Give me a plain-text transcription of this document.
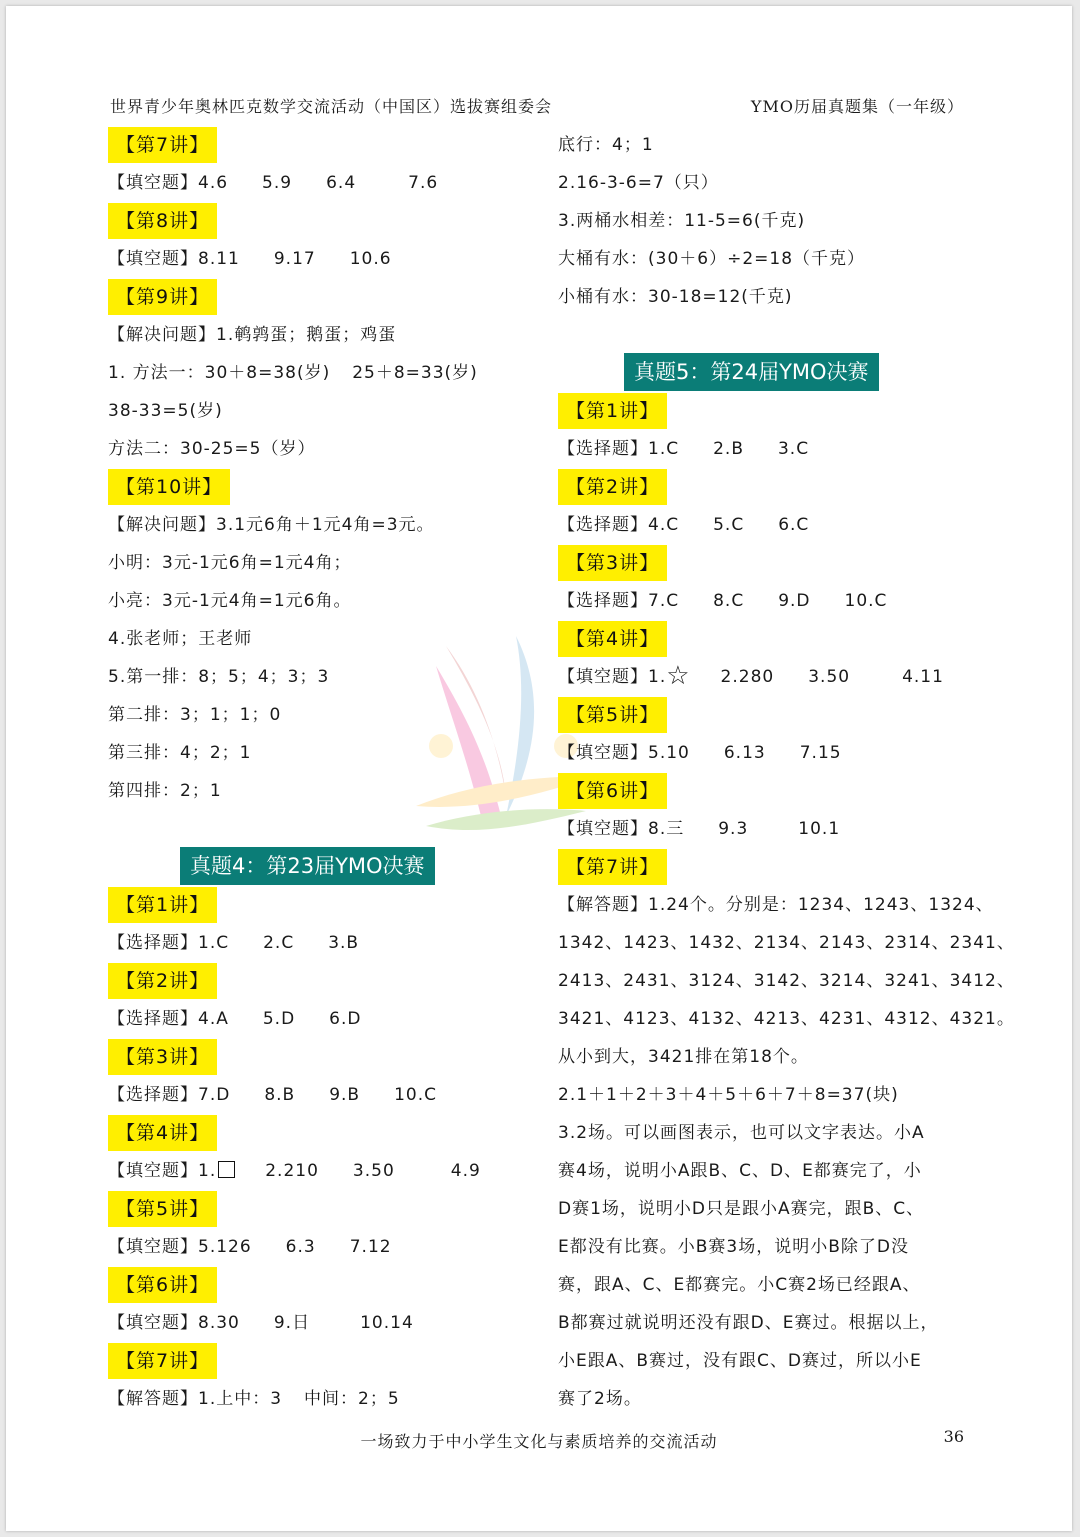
世界青少年奥林匹克数学交流活动（中国区）选拔赛组委会	YMO历届真题集（一年级）
【第7讲】
【填空题】4.6 5.9 6.4	7.6
【第8讲】
【填空题】8.11 9.17 10.6
【第9讲】
【解决问题】1.鹌鹑蛋；鹅蛋；鸡蛋
1. 方法一：30＋8=38(岁) 25＋8=33(岁)
38-33=5(岁)
方法二：30-25=5（岁）
【第10讲】
【解决问题】3.1元6角＋1元4角=3元。
小明：3元-1元6角=1元4角；
小亮：3元-1元4角=1元6角。
4.张老师；王老师
5.第一排：8；5；4；3；3
第二排：3；1；1；0
第三排：4；2；1
第四排：2；1
真题4：第23届YMO决赛
【第1讲】
【选择题】1.C 2.C 3.B
【第2讲】
【选择题】4.A 5.D 6.D
【第3讲】
【选择题】7.D 8.B 9.B 10.C
【第4讲】
【填空题】1.	2.210 3.50	4.9
【第5讲】
【填空题】5.126 6.3 7.12
【第6讲】
【填空题】8.30 9.日	10.14
【第7讲】
【解答题】1.上中：3 中间：2；5
底行：4；1
2.16-3-6=7（只）
3.两桶水相差：11-5=6(千克)
大桶有水：(30＋6）÷2=18（千克）
小桶有水：30-18=12(千克)
真题5：第24届YMO决赛
【第1讲】
【选择题】1.C 2.B 3.C
【第2讲】
【选择题】4.C 5.C 6.C
【第3讲】
【选择题】7.C 8.C 9.D 10.C
【第4讲】
【填空题】1.☆ 2.280 3.50	4.11
【第5讲】
【填空题】5.10 6.13 7.15
【第6讲】
【填空题】8.三 9.3	10.1
【第7讲】
【解答题】1.24个。分别是：1234、1243、1324、
1342、1423、1432、2134、2143、2314、2341、
2413、2431、3124、3142、3214、3241、3412、
3421、4123、4132、4213、4231、4312、4321。
从小到大，3421排在第18个。
2.1＋1＋2＋3＋4＋5＋6＋7＋8=37(块)
3.2场。可以画图表示，也可以文字表达。小A
赛4场，说明小A跟B、C、D、E都赛完了，小
D赛1场，说明小D只是跟小A赛完，跟B、C、
E都没有比赛。小B赛3场，说明小B除了D没
赛，跟A、C、E都赛完。小C赛2场已经跟A、
B都赛过就说明还没有跟D、E赛过。根据以上，
小E跟A、B赛过，没有跟C、D赛过，所以小E
赛了2场。
一场致力于中小学生文化与素质培养的交流活动	36
